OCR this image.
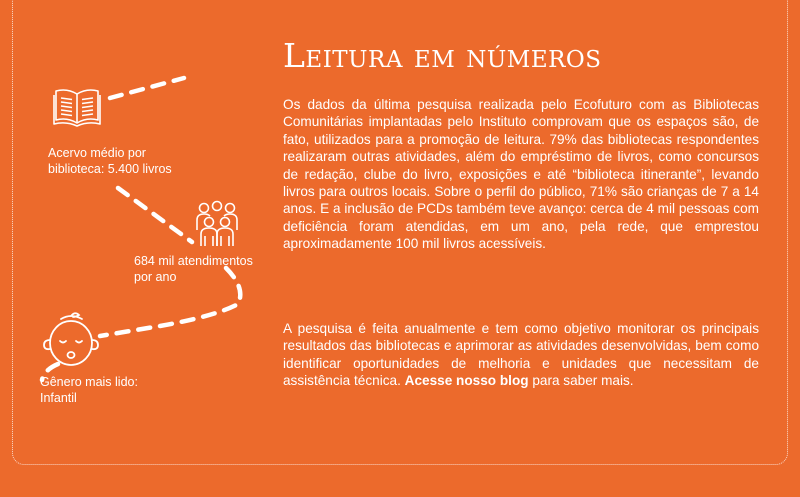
Leitura em números
Acervo médio por
biblioteca: 5.400 livros
684 mil atendimentos
por ano
Gênero mais lido:
Infantil

Os dados da última pesquisa realizada pelo Ecofuturo com as Bibliotecas Comunitárias implantadas pelo Instituto comprovam que os espaços são, de fato, utilizados para a promoção de leitura. 79% das bibliotecas respondentes realizaram outras atividades, além do empréstimo de livros, como concursos de redação, clube do livro, exposições e até “biblioteca itinerante”, levando livros para outros locais. Sobre o perfil do público, 71% são crianças de 7 a 14 anos. E a inclusão de PCDs também teve avanço: cerca de 4 mil pessoas com deficiência foram atendidas, em um ano, pela rede, que emprestou aproximadamente 100 mil livros acessíveis.

A pesquisa é feita anualmente e tem como objetivo monitorar os principais resultados das bibliotecas e aprimorar as atividades desenvolvidas, bem como identificar oportunidades de melhoria e unidades que necessitam de assistência técnica. Acesse nosso blog para saber mais.
